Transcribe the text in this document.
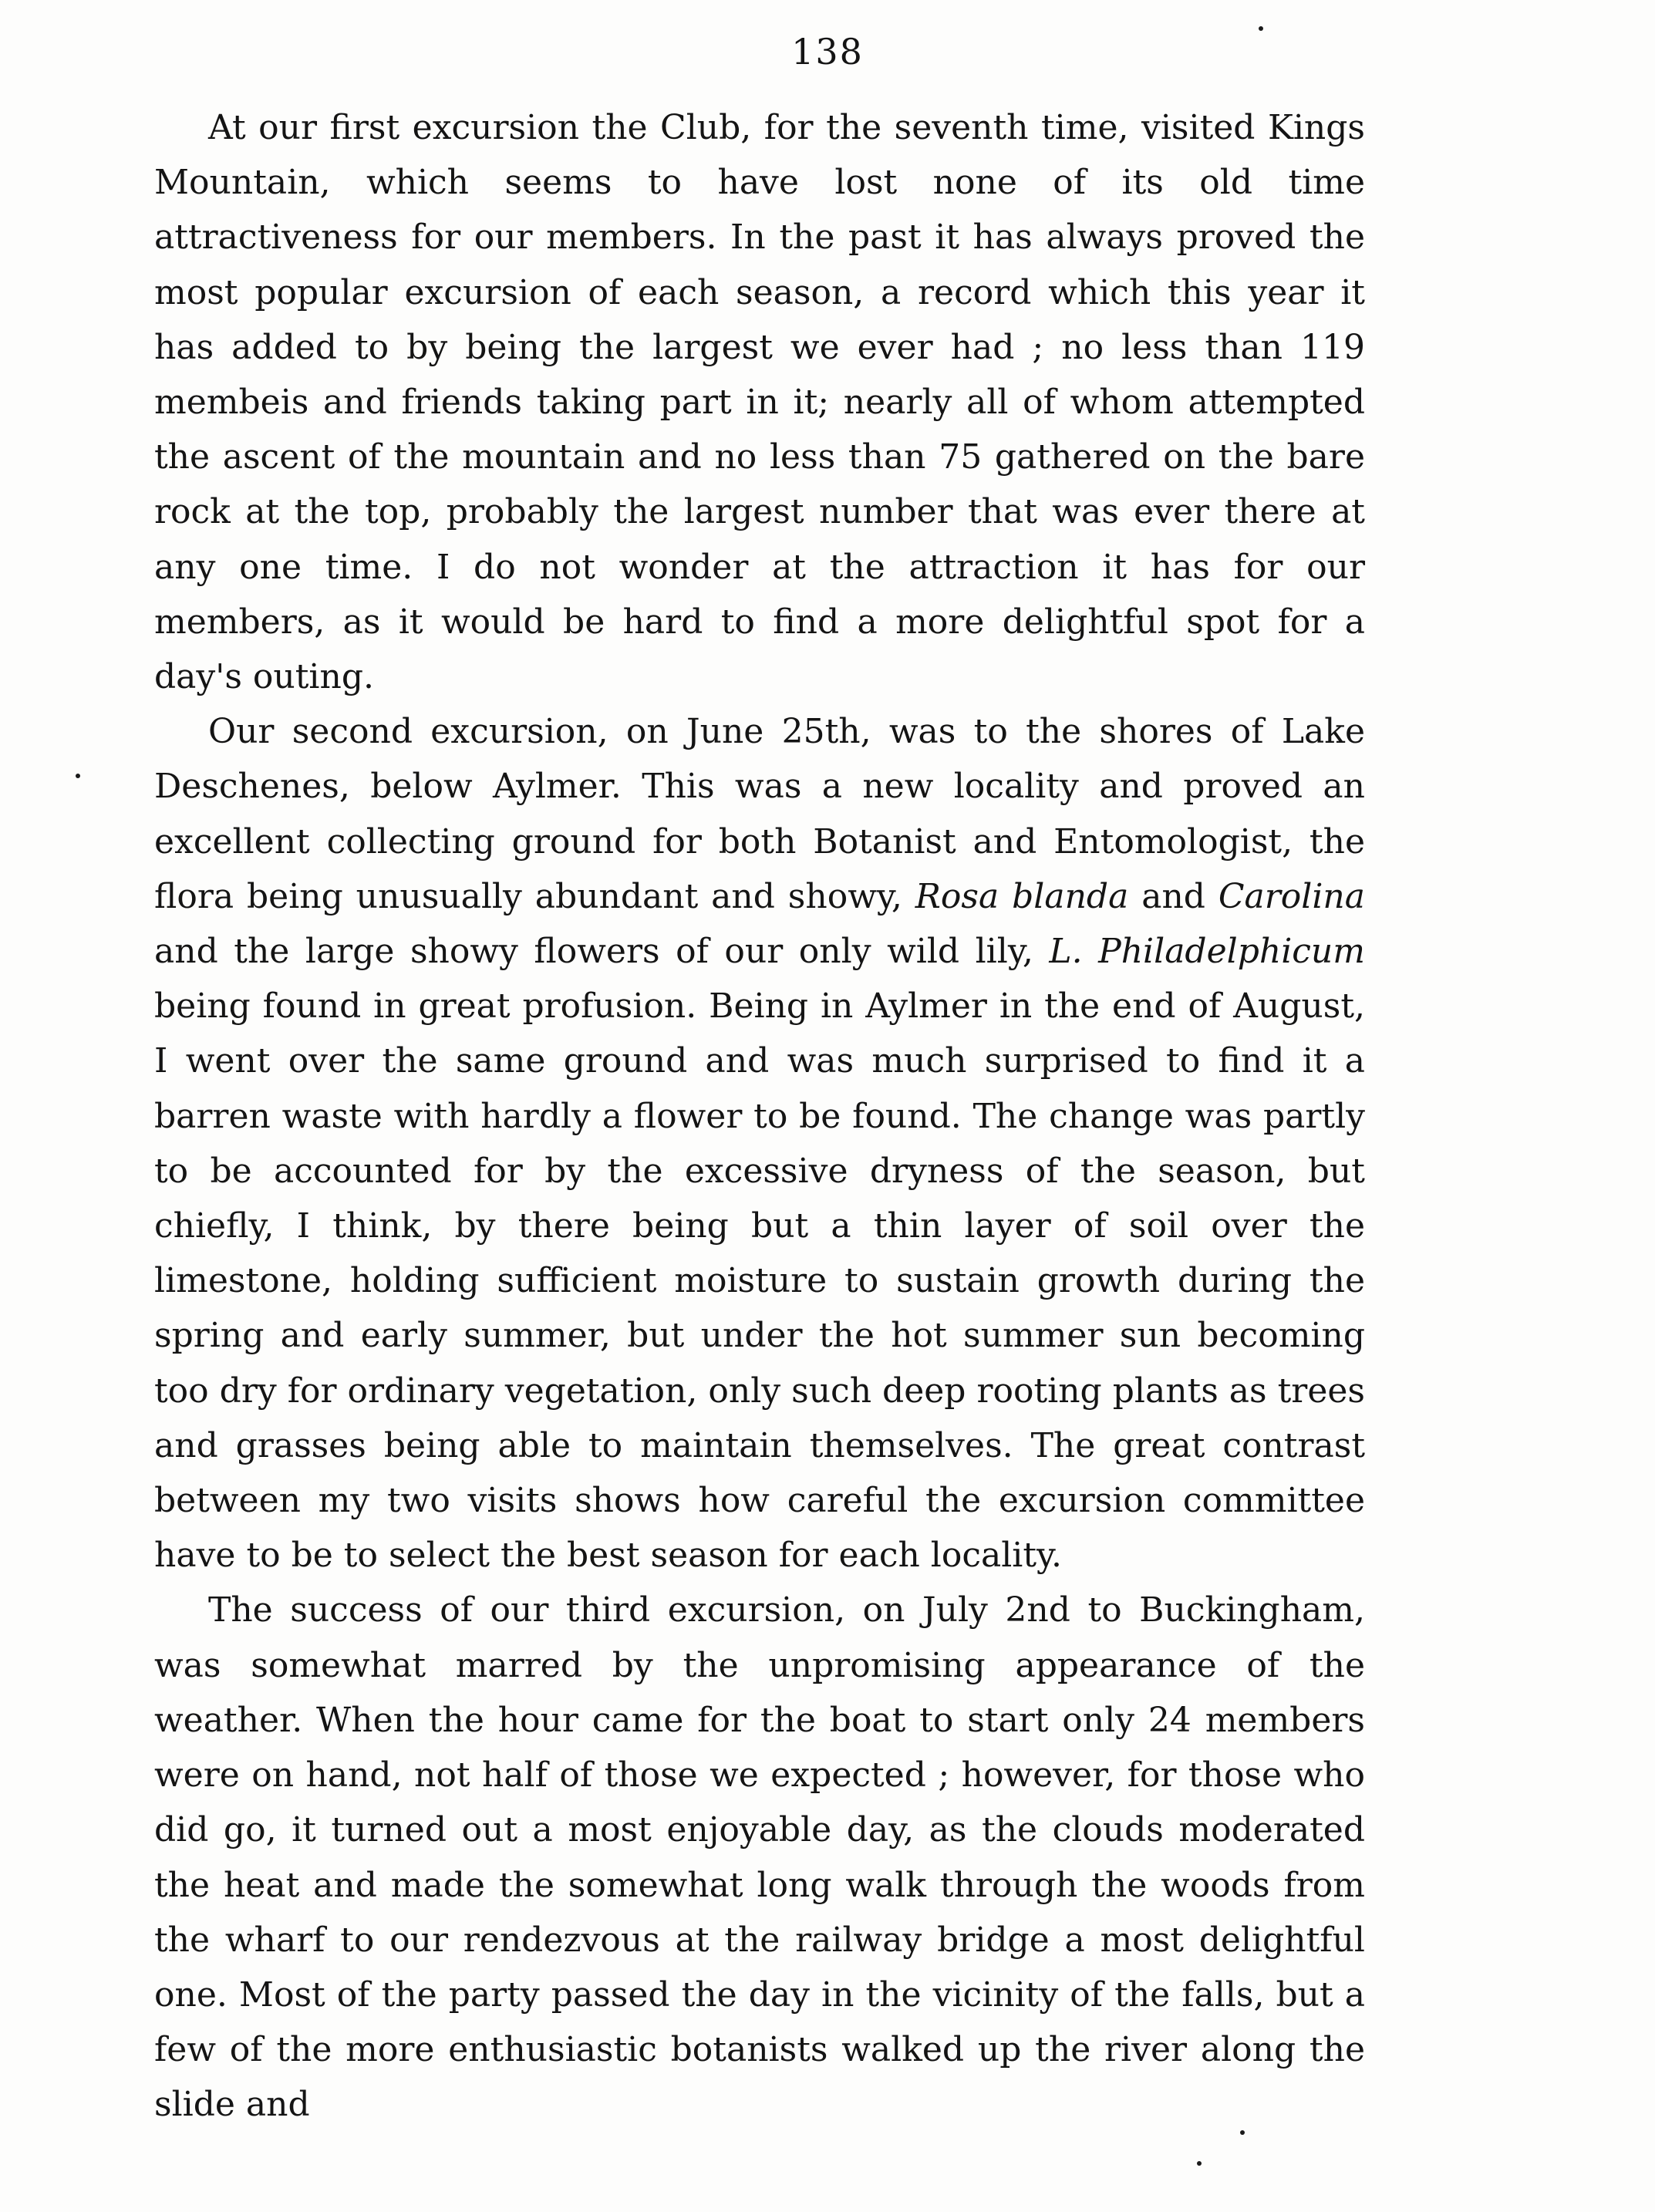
138

At our first excursion the Club, for the seventh time, visited Kings Mountain, which seems to have lost none of its old time attractiveness for our members. In the past it has always proved the most popular excursion of each season, a record which this year it has added to by being the largest we ever had ; no less than 119 membeis and friends taking part in it; nearly all of whom attempted the ascent of the mountain and no less than 75 gathered on the bare rock at the top, probably the largest number that was ever there at any one time. I do not wonder at the attraction it has for our members, as it would be hard to find a more delightful spot for a day's outing.

Our second excursion, on June 25th, was to the shores of Lake Deschenes, below Aylmer. This was a new locality and proved an excellent collecting ground for both Botanist and Entomologist, the flora being unusually abundant and showy, Rosa blanda and Carolina and the large showy flowers of our only wild lily, L. Philadelphicum being found in great profusion. Being in Aylmer in the end of August, I went over the same ground and was much surprised to find it a barren waste with hardly a flower to be found. The change was partly to be accounted for by the excessive dryness of the season, but chiefly, I think, by there being but a thin layer of soil over the limestone, holding sufficient moisture to sustain growth during the spring and early summer, but under the hot summer sun becoming too dry for ordinary vegetation, only such deep rooting plants as trees and grasses being able to maintain themselves. The great contrast between my two visits shows how careful the excursion committee have to be to select the best season for each locality.

The success of our third excursion, on July 2nd to Buckingham, was somewhat marred by the unpromising appearance of the weather. When the hour came for the boat to start only 24 members were on hand, not half of those we expected ; however, for those who did go, it turned out a most enjoyable day, as the clouds moderated the heat and made the somewhat long walk through the woods from the wharf to our rendezvous at the railway bridge a most delightful one. Most of the party passed the day in the vicinity of the falls, but a few of the more enthusiastic botanists walked up the river along the slide and
